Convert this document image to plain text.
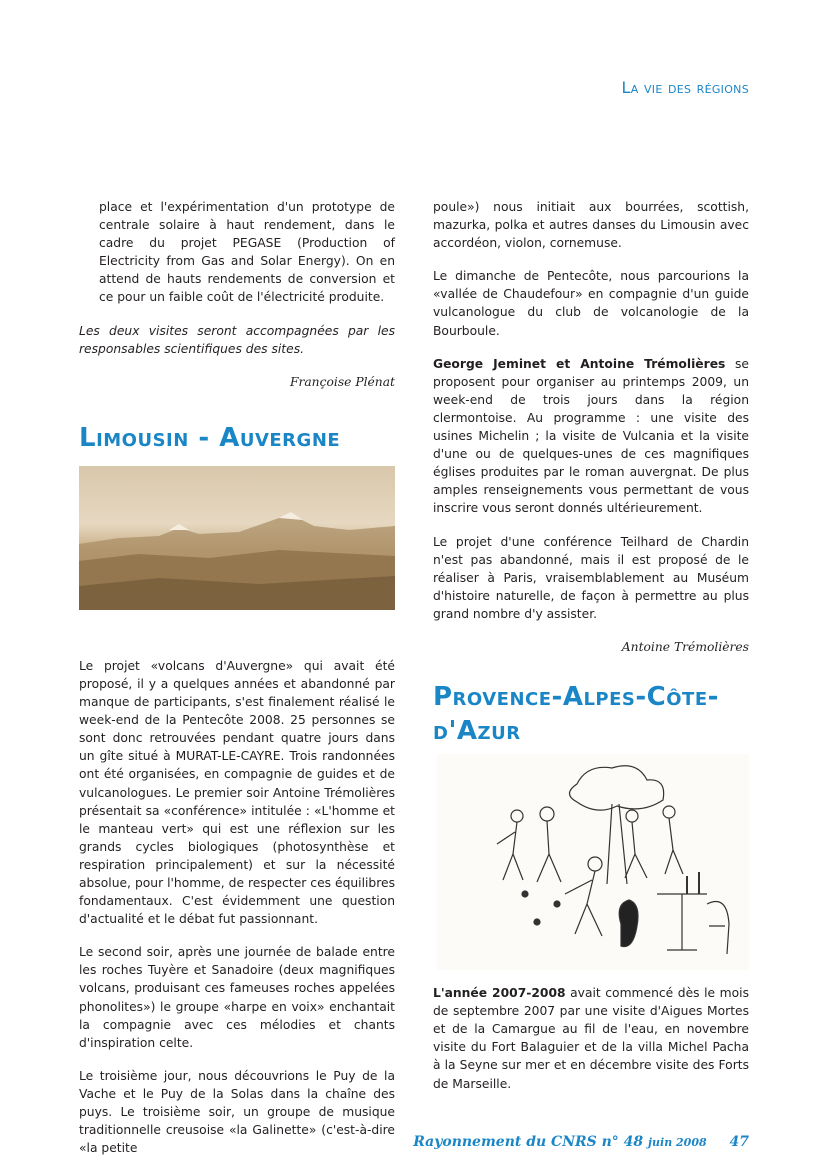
La vie des régions

place et l'expérimentation d'un prototype de centrale solaire à haut rendement, dans le cadre du projet PEGASE (Production of Electricity from Gas and Solar Energy). On en attend de hauts rendements de conversion et ce pour un faible coût de l'électricité produite.

Les deux visites seront accompagnées par les responsables scientifiques des sites.

Françoise Plénat

Limousin - Auvergne

Le projet «volcans d'Auvergne» qui avait été proposé, il y a quelques années et abandonné par manque de participants, s'est finalement réalisé le week-end de la Pentecôte 2008. 25 personnes se sont donc retrouvées pendant quatre jours dans un gîte situé à MURAT-LE-CAYRE. Trois randonnées ont été organisées, en compagnie de guides et de vulcanologues. Le premier soir Antoine Trémolières présentait sa «conférence» intitulée : «L'homme et le manteau vert» qui est une réflexion sur les grands cycles biologiques (photosynthèse et respiration principalement) et sur la nécessité absolue, pour l'homme, de respecter ces équilibres fondamentaux. C'est évidemment une question d'actualité et le débat fut passionnant.

Le second soir, après une journée de balade entre les roches Tuyère et Sanadoire (deux magnifiques volcans, produisant ces fameuses roches appelées phonolites») le groupe «harpe en voix» enchantait la compagnie avec ces mélodies et chants d'inspiration celte.

Le troisième jour, nous découvrions le Puy de la Vache et le Puy de la Solas dans la chaîne des puys. Le troisième soir, un groupe de musique traditionnelle creusoise «la Galinette» (c'est-à-dire «la petite

poule») nous initiait aux bourrées, scottish, mazurka, polka et autres danses du Limousin avec accordéon, violon, cornemuse.

Le dimanche de Pentecôte, nous parcourions la «vallée de Chaudefour» en compagnie d'un guide vulcanologue du club de volcanologie de la Bourboule.

George Jeminet et Antoine Trémolières se proposent pour organiser au printemps 2009, un week-end de trois jours dans la région clermontoise. Au programme : une visite des usines Michelin ; la visite de Vulcania et la visite d'une ou de quelques-unes de ces magnifiques églises produites par le roman auvergnat. De plus amples renseignements vous permettant de vous inscrire vous seront donnés ultérieurement.

Le projet d'une conférence Teilhard de Chardin n'est pas abandonné, mais il est proposé de le réaliser à Paris, vraisemblablement au Muséum d'histoire naturelle, de façon à permettre au plus grand nombre d'y assister.

Antoine Trémolières

Provence-Alpes-Côte-d'Azur

L'année 2007-2008 avait commencé dès le mois de septembre 2007 par une visite d'Aigues Mortes et de la Camargue au fil de l'eau, en novembre visite du Fort Balaguier et de la villa Michel Pacha à la Seyne sur mer et en décembre visite des Forts de Marseille.

Rayonnement du CNRS n° 48 juin 2008 47
